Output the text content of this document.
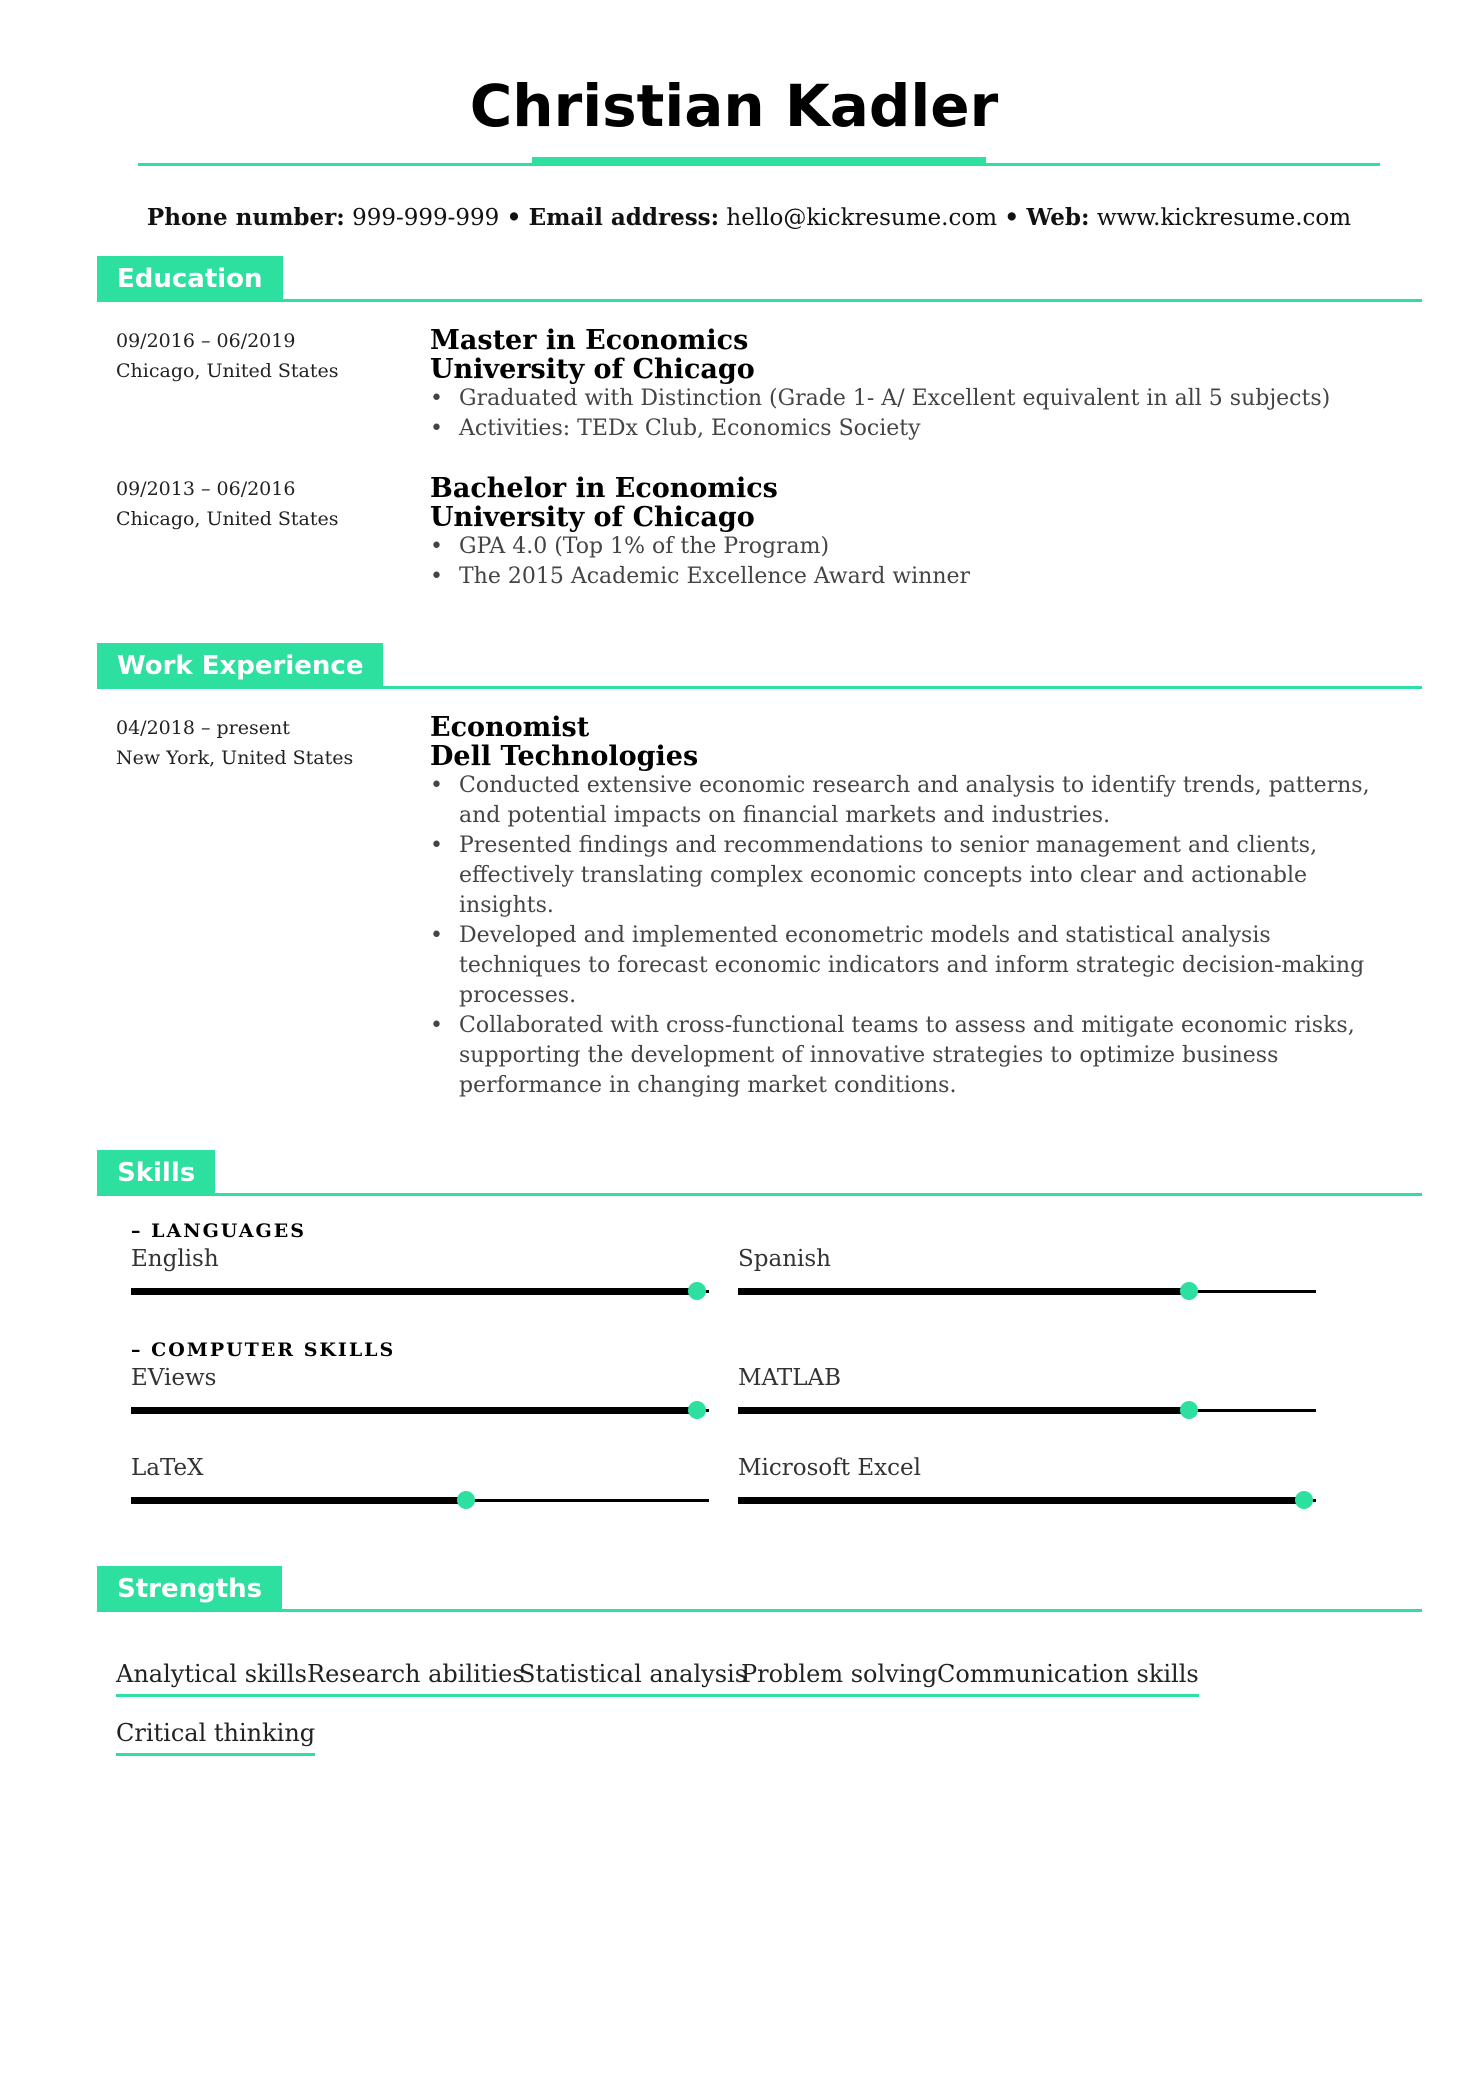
Christian Kadler
Phone number: 999-999-999 • Email address: hello@kickresume.com • Web: www.kickresume.com
Education
09/2016 – 06/2019
Chicago, United States
Master in Economics
University of Chicago
• Graduated with Distinction (Grade 1- A/ Excellent equivalent in all 5 subjects)
• Activities: TEDx Club, Economics Society
09/2013 – 06/2016
Chicago, United States
Bachelor in Economics
University of Chicago
• GPA 4.0 (Top 1% of the Program)
• The 2015 Academic Excellence Award winner
Work Experience
04/2018 – present
New York, United States
Economist
Dell Technologies
• Conducted extensive economic research and analysis to identify trends, patterns, and potential impacts on financial markets and industries.
• Presented findings and recommendations to senior management and clients, effectively translating complex economic concepts into clear and actionable insights.
• Developed and implemented econometric models and statistical analysis techniques to forecast economic indicators and inform strategic decision-making processes.
• Collaborated with cross-functional teams to assess and mitigate economic risks, supporting the development of innovative strategies to optimize business performance in changing market conditions.
Skills
– LANGUAGES
English	Spanish
– COMPUTER SKILLS
EViews	MATLAB
LaTeX	Microsoft Excel
Strengths
Analytical skills Research abilities
Statistical analysis
Problem solving Communication skills
Critical thinking
